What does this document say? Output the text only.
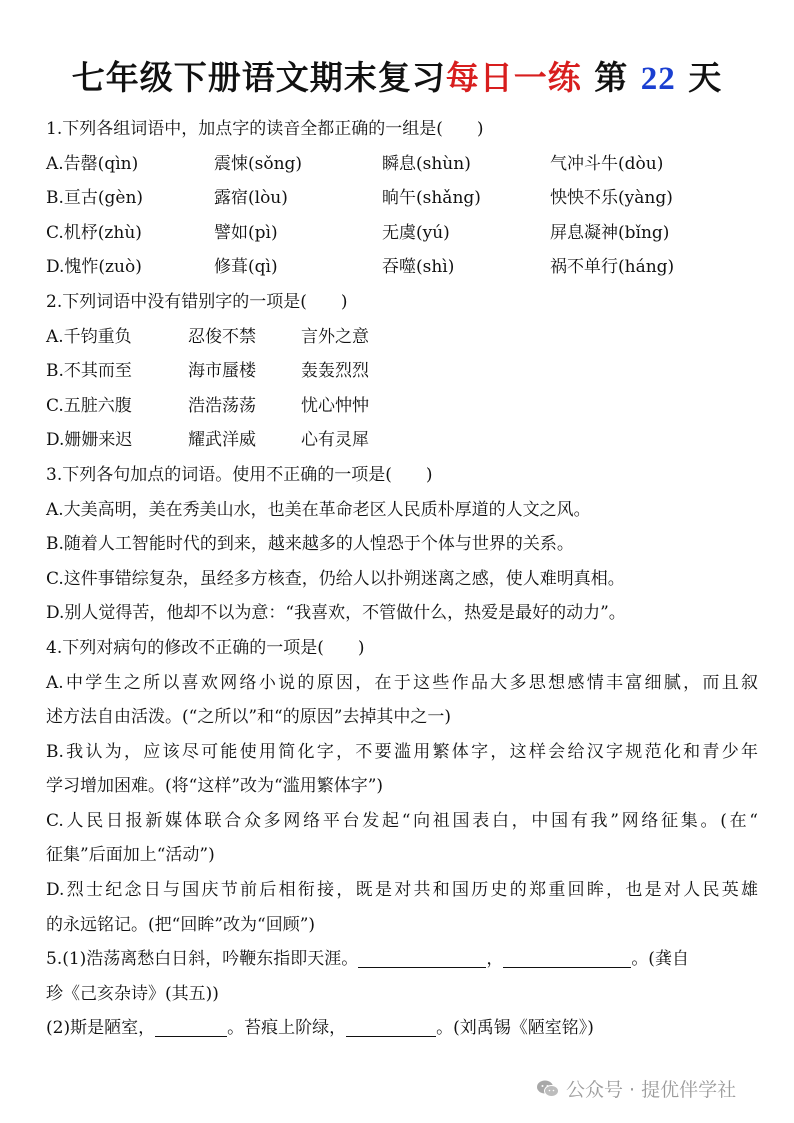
七年级下册语文期末复习每日一练 第 22 天
1.下列各组词语中，加点字的读音全都正确的一组是(　　)
A.告罄(qìn)	震悚(sǒng)	瞬息(shùn)	气冲斗牛(dòu)
B.亘古(gèn)	露宿(lòu)	晌午(shǎng)	怏怏不乐(yàng)
C.机杼(zhù)	譬如(pì)	无虞(yú)	屏息凝神(bǐng)
D.愧怍(zuò)	修葺(qì)	吞噬(shì)	祸不单行(háng)
2.下列词语中没有错别字的一项是(　　)
A.千钧重负	忍俊不禁	言外之意
B.不其而至	海市蜃楼	轰轰烈烈
C.五脏六腹	浩浩荡荡	忧心忡忡
D.姗姗来迟	耀武洋威	心有灵犀
3.下列各句加点的词语。使用不正确的一项是(　　)
A.大美高明，美在秀美山水，也美在革命老区人民质朴厚道的人文之风。
B.随着人工智能时代的到来，越来越多的人惶恐于个体与世界的关系。
C.这件事错综复杂，虽经多方核查，仍给人以扑朔迷离之感，使人难明真相。
D.别人觉得苦，他却不以为意：“我喜欢，不管做什么，热爱是最好的动力”。
4.下列对病句的修改不正确的一项是(　　)
A.中学生之所以喜欢网络小说的原因，在于这些作品大多思想感情丰富细腻，而且叙
述方法自由活泼。(“之所以”和“的原因”去掉其中之一)
B.我认为，应该尽可能使用简化字，不要滥用繁体字，这样会给汉字规范化和青少年
学习增加困难。(将“这样”改为“滥用繁体字”)
C.人民日报新媒体联合众多网络平台发起“向祖国表白，中国有我”网络征集。(在“
征集”后面加上“活动”)
D.烈士纪念日与国庆节前后相衔接，既是对共和国历史的郑重回眸，也是对人民英雄
的永远铭记。(把“回眸”改为“回顾”)
5.(1)浩荡离愁白日斜，吟鞭东指即天涯。	，	。(龚自
珍《己亥杂诗》(其五))
(2)斯是陋室，	。苔痕上阶绿，	。(刘禹锡《陋室铭》)
公众号 · 提优伴学社
